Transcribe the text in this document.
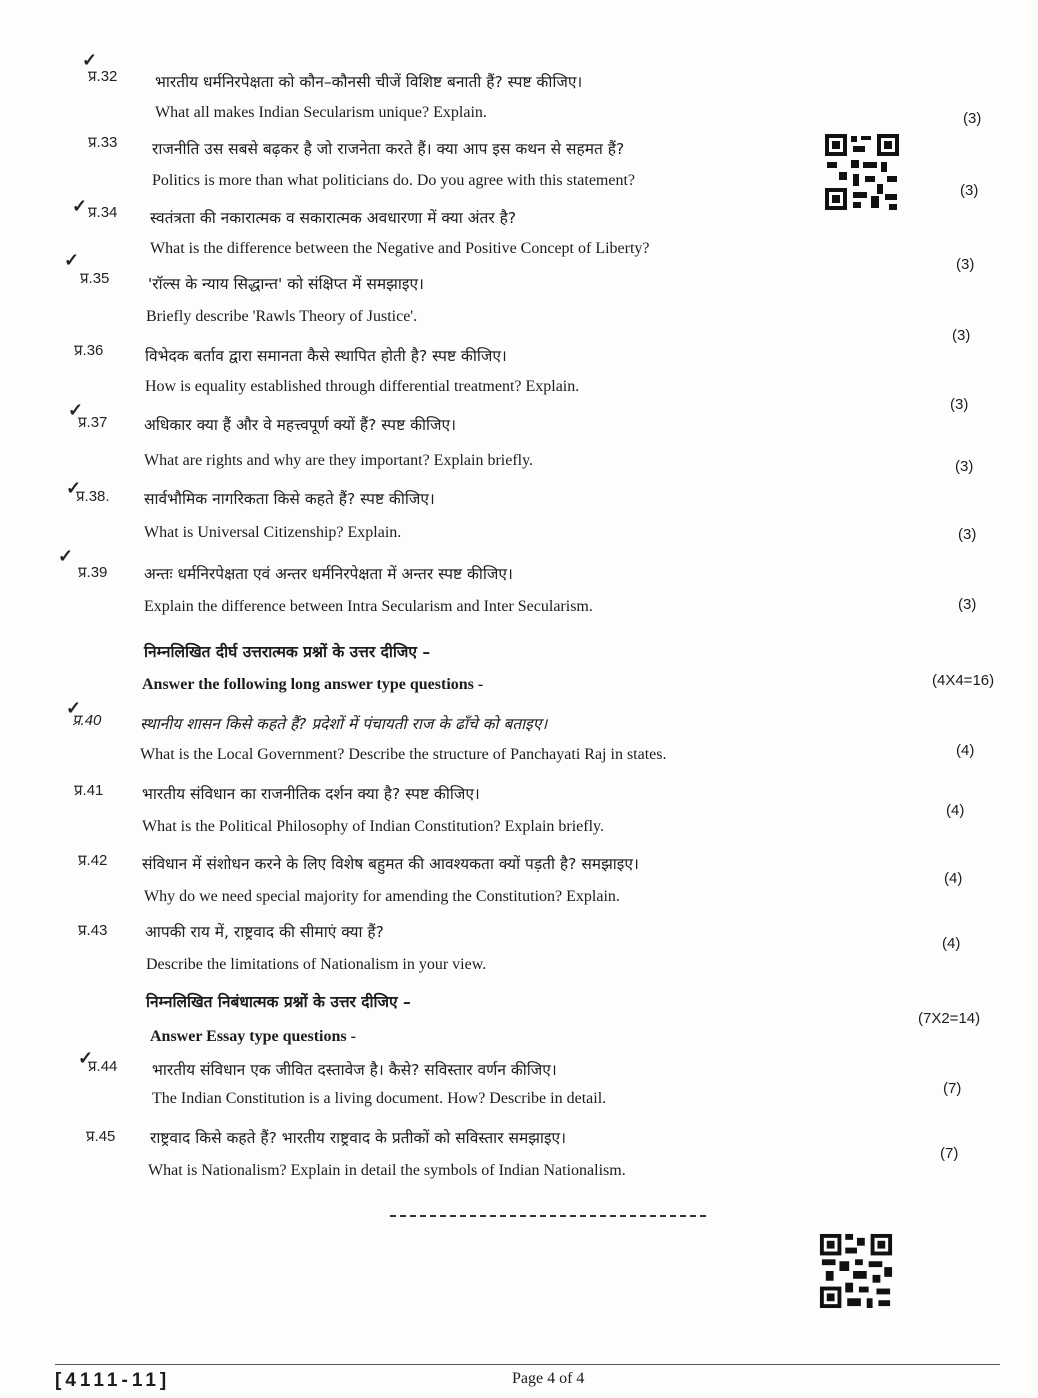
✓
प्र.32 भारतीय धर्मनिरपेक्षता को कौन–कौनसी चीजें विशिष्ट बनाती हैं? स्पष्ट कीजिए।
What all makes Indian Secularism unique? Explain.	(3)
प्र.33 राजनीति उस सबसे बढ़कर है जो राजनेता करते हैं। क्या आप इस कथन से सहमत हैं?
Politics is more than what politicians do. Do you agree with this statement?
(3)
✓ प्र.34 स्वतंत्रता की नकारात्मक व सकारात्मक अवधारणा में क्या अंतर है?
What is the difference between the Negative and Positive Concept of Liberty?
(3)
✓
प्र.35 'रॉल्स के न्याय सिद्धान्त' को संक्षिप्त में समझाइए।
Briefly describe 'Rawls Theory of Justice'.
(3)
प्र.36	विभेदक बर्ताव द्वारा समानता कैसे स्थापित होती है? स्पष्ट कीजिए।
How is equality established through differential treatment? Explain.
(3)
✓
प्र.37 अधिकार क्या हैं और वे महत्त्वपूर्ण क्यों हैं? स्पष्ट कीजिए।
What are rights and why are they important? Explain briefly.	(3)
✓
प्र.38. सार्वभौमिक नागरिकता किसे कहते हैं? स्पष्ट कीजिए।
What is Universal Citizenship? Explain.	(3)
✓
प्र.39 अन्तः धर्मनिरपेक्षता एवं अन्तर धर्मनिरपेक्षता में अन्तर स्पष्ट कीजिए।
Explain the difference between Intra Secularism and Inter Secularism.	(3)
निम्नलिखित दीर्घ उत्तरात्मक प्रश्नों के उत्तर दीजिए –
Answer the following long answer type questions -	(4X4=16)
✓
प्र.40 स्थानीय शासन किसे कहते हैं? प्रदेशों में पंचायती राज के ढाँचे को बताइए।
What is the Local Government? Describe the structure of Panchayati Raj in states.	(4)
प्र.41 भारतीय संविधान का राजनीतिक दर्शन क्या है? स्पष्ट कीजिए।
What is the Political Philosophy of Indian Constitution? Explain briefly.
(4)
प्र.42 संविधान में संशोधन करने के लिए विशेष बहुमत की आवश्यकता क्यों पड़ती है? समझाइए।
Why do we need special majority for amending the Constitution? Explain.
(4)
प्र.43 आपकी राय में, राष्ट्रवाद की सीमाएं क्या हैं?
Describe the limitations of Nationalism in your view.
(4)
निम्नलिखित निबंधात्मक प्रश्नों के उत्तर दीजिए –
Answer Essay type questions -
(7X2=14)
✓
प्र.44 भारतीय संविधान एक जीवित दस्तावेज है। कैसे? सविस्तार वर्णन कीजिए।
The Indian Constitution is a living document. How? Describe in detail.
(7)
प्र.45 राष्ट्रवाद किसे कहते हैं? भारतीय राष्ट्रवाद के प्रतीकों को सविस्तार समझाइए।
What is Nationalism? Explain in detail the symbols of Indian Nationalism.
(7)
[4111-11]	Page 4 of 4
